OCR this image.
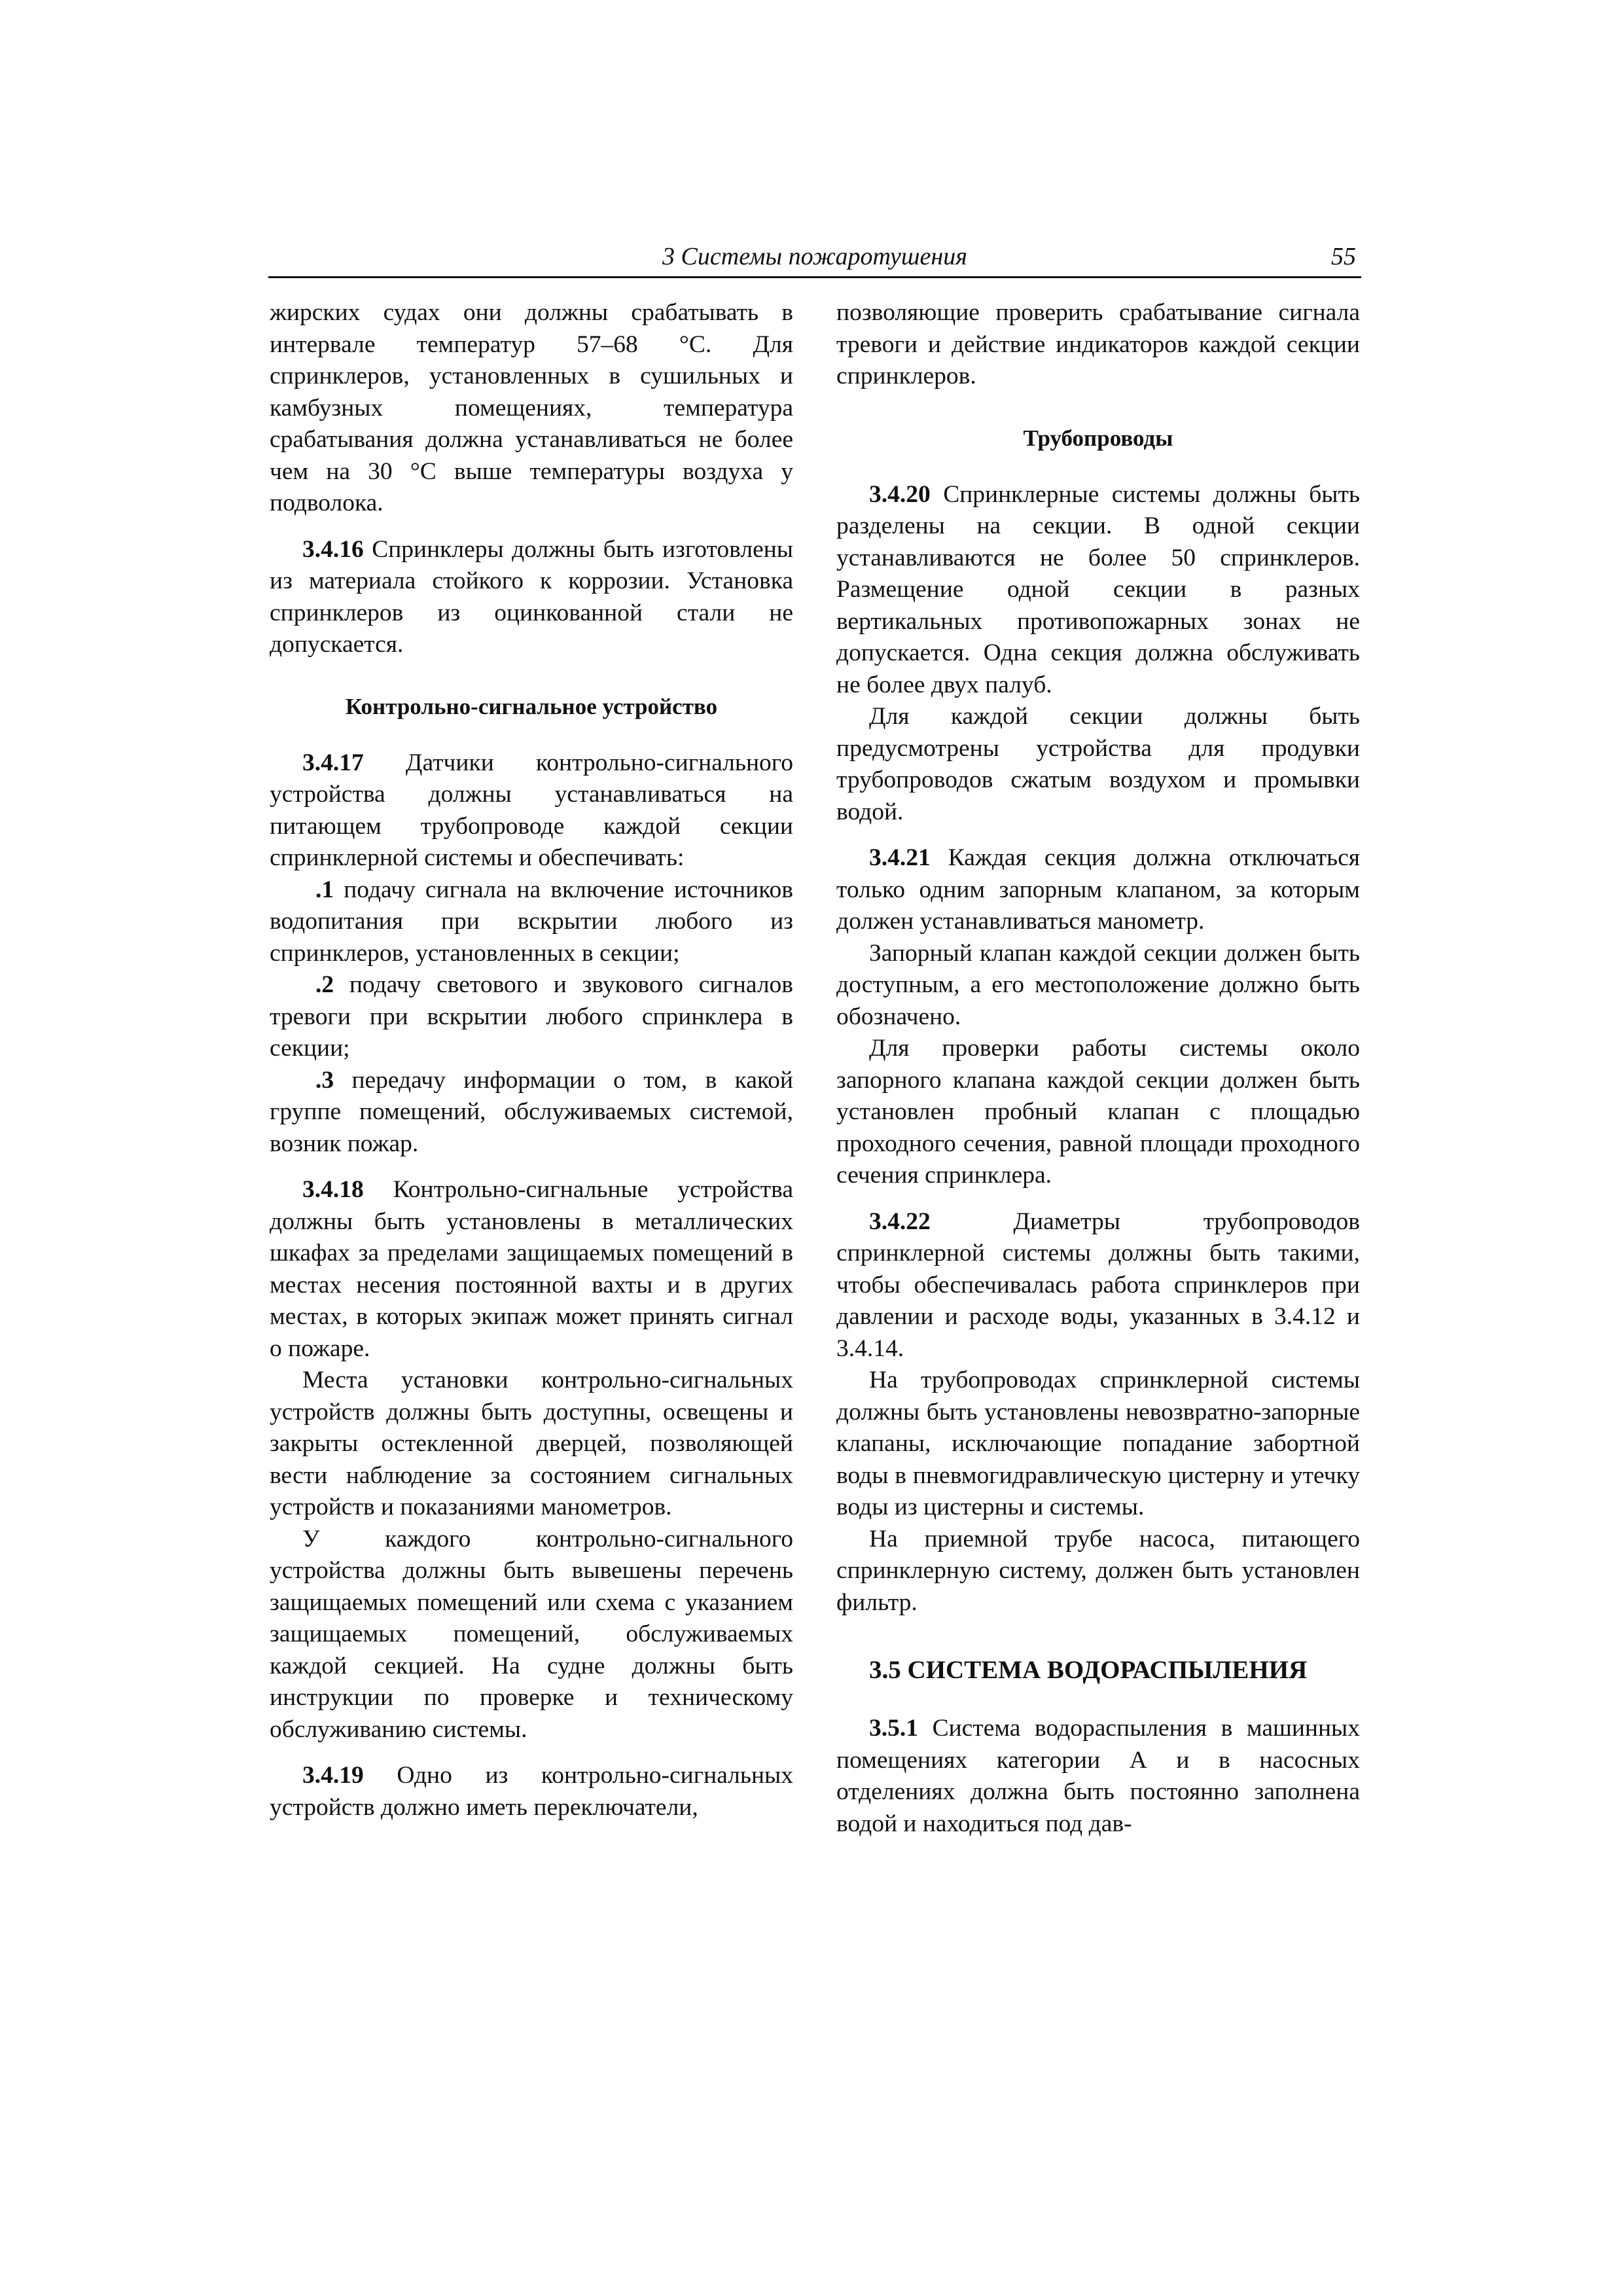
3 Системы пожаротушения	55

жирских судах они должны срабатывать в интервале температур 57–68 °С. Для спринклеров, установленных в сушильных и камбузных помещениях, температура срабатывания должна устанавливаться не более чем на 30 °С выше температуры воздуха у подволока.

3.4.16 Спринклеры должны быть изготовлены из материала стойкого к коррозии. Установка спринклеров из оцинкованной стали не допускается.

Контрольно-сигнальное устройство

3.4.17 Датчики контрольно-сигнального устройства должны устанавливаться на питающем трубопроводе каждой секции спринклерной системы и обеспечивать:

.1 подачу сигнала на включение источников водопитания при вскрытии любого из спринклеров, установленных в секции;

.2 подачу светового и звукового сигналов тревоги при вскрытии любого спринклера в секции;

.3 передачу информации о том, в какой группе помещений, обслуживаемых системой, возник пожар.

3.4.18 Контрольно-сигнальные устройства должны быть установлены в металлических шкафах за пределами защищаемых помещений в местах несения постоянной вахты и в других местах, в которых экипаж может принять сигнал о пожаре.

Места установки контрольно-сигнальных устройств должны быть доступны, освещены и закрыты остекленной дверцей, позволяющей вести наблюдение за состоянием сигнальных устройств и показаниями манометров.

У каждого контрольно-сигнального устройства должны быть вывешены перечень защищаемых помещений или схема с указанием защищаемых помещений, обслуживаемых каждой секцией. На судне должны быть инструкции по проверке и техническому обслуживанию системы.

3.4.19 Одно из контрольно-сигнальных устройств должно иметь переключатели,

позволяющие проверить срабатывание сигнала тревоги и действие индикаторов каждой секции спринклеров.

Трубопроводы

3.4.20 Спринклерные системы должны быть разделены на секции. В одной секции устанавливаются не более 50 спринклеров. Размещение одной секции в разных вертикальных противопожарных зонах не допускается. Одна секция должна обслуживать не более двух палуб.

Для каждой секции должны быть предусмотрены устройства для продувки трубопроводов сжатым воздухом и промывки водой.

3.4.21 Каждая секция должна отключаться только одним запорным клапаном, за которым должен устанавливаться манометр.

Запорный клапан каждой секции должен быть доступным, а его местоположение должно быть обозначено.

Для проверки работы системы около запорного клапана каждой секции должен быть установлен пробный клапан с площадью проходного сечения, равной площади проходного сечения спринклера.

3.4.22	Диаметры трубопроводов спринклерной системы должны быть такими, чтобы обеспечивалась работа спринклеров при давлении и расходе воды, указанных в 3.4.12 и 3.4.14.

На трубопроводах спринклерной системы должны быть установлены невозвратно-запорные клапаны, исключающие попадание забортной воды в пневмогидравлическую цистерну и утечку воды из цистерны и системы.

На приемной трубе насоса, питающего спринклерную систему, должен быть установлен фильтр.

3.5 СИСТЕМА ВОДОРАСПЫЛЕНИЯ

3.5.1 Система водораспыления в машинных помещениях категории А и в насосных отделениях должна быть постоянно заполнена водой и находиться под дав-
